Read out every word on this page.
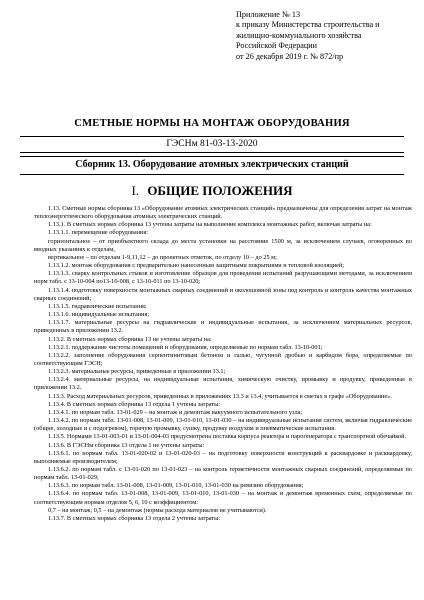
Приложение № 13
к приказу Министерства строительства и
жилищно-коммунального хозяйства
Российской Федерации
от 26 декабря 2019 г. № 872/пр
СМЕТНЫЕ НОРМЫ НА МОНТАЖ ОБОРУДОВАНИЯ
ГЭСНм 81-03-13-2020
Сборник 13. Оборудование атомных электрических станций
I. ОБЩИЕ ПОЛОЖЕНИЯ

1.13. Сметные нормы сборника 13 «Оборудование атомных электрических станций» предназначены для определения затрат на монтаж теплоэнергетического оборудования атомных электрических станций.

1.13.1. В сметных нормах сборника 13 учтены затраты на выполнение комплекса монтажных работ, включая затраты на:

1.13.1.1. перемещение оборудования:

горизонтальное – от приобъектного склада до места установки на расстояние 1500 м, за исключением случаев, оговоренных во вводных указаниях к отделам,

вертикальное – по отделам 1-9,11,12 – до проектных отметок, по отделу 10 – до 25 м;

1.13.1.2. монтаж оборудования с предварительно нанесенным защитными покрытиями и тепловой изоляцией;

1.13.1.3. сварку контрольных стыков и изготовление образцов для проведения испытаний разрушающими методами, за исключением норм табл. с 13-10-004 по13-10-008, с 13-10-011 по 13-10-020;

1.13.1.4. подготовку поверхности монтажных сварных соединений и околошовной зоны под контроль и контроль качества монтажных сварных соединений;

1.13.1.5. гидравлические испытания;

1.13.1.6. индивидуальные испытания;

1.13.1.7. материальные ресурсы на гидравлические и индивидуальные испытания, за исключением материальных ресурсов, приведенных в приложении 13.2.

1.13.2. В сметных нормах сборника 13 не учтены затраты на:

1.13.2.1. поддержание чистоты помещений и оборудования, определяемые по нормам табл. 13-10-001;

1.13.2.2. заполнение оборудования серпентинитовым бетоном и галью, чугунной дробью и карбидом бора, определяемые по соответствующим ГЭСН;

1.13.2.3. материальные ресурсы, приведенные в приложении 13.1;

1.13.2.4. материальные ресурсы, на индивидуальные испытания, химическую очистку, промывку и продувку, приведенные в приложении 13.2.

1.13.3. Расход материальных ресурсов, приведенных в приложениях 13.3 и 13.4, учитывается в сметах в графе «Оборудование».

1.13.4. В сметных нормах сборника 13 отдела 1 учтены затраты:

1.13.4.1. по нормам табл. 13-01-029 – на монтаж и демонтаж вакуумного испытательного узла;

1.13.4.2. по нормам табл. 13-01-008, 13-01-009, 13-01-010, 13-01-030 – на индивидуальные испытания систем, включая гидравлические (общие, холодные и с подогревом), горячую промывку, сушку, продувку воздухом и пневматические испытания.

1.13.5. Нормами 13-01-003-01 и 13-01-004-03 предусмотрена поставка корпуса реактора и парогенератора с транспортной обечайкой.

1.13.6. В ГЭСНм сборника 13 отдела 1 не учтены затраты:

1.13.6.1. по нормам табл. 13-01-020-02 и 13-01-020-03 – на подготовку поверхности конструкций к расквардовке и расквардовку, выполняемые производителем;

1.13.6.2. по нормам табл. с 13-01-020 по 13-01-023 – на контроль герметичности монтажных сварных соединений, определяемые по нормам табл. 13-01-029;

1.13.6.3. по нормам табл. 13-01-008, 13-01-009, 13-01-010, 13-01-030 на ревизию оборудования;

1.13.6.4. по нормам табл. 13-01-008, 13-01-009, 13-01-010, 13-01-030 – на монтаж и демонтаж временных схем, определяемые по соответствующим нормам отделов 5, 6, 10 с коэффициентом:

0,7 – на монтаж; 0,5 – на демонтаж (нормы расхода материалов не учитываются).

1.13.7. В сметных нормах сборника 13 отдела 2 учтены затраты:
